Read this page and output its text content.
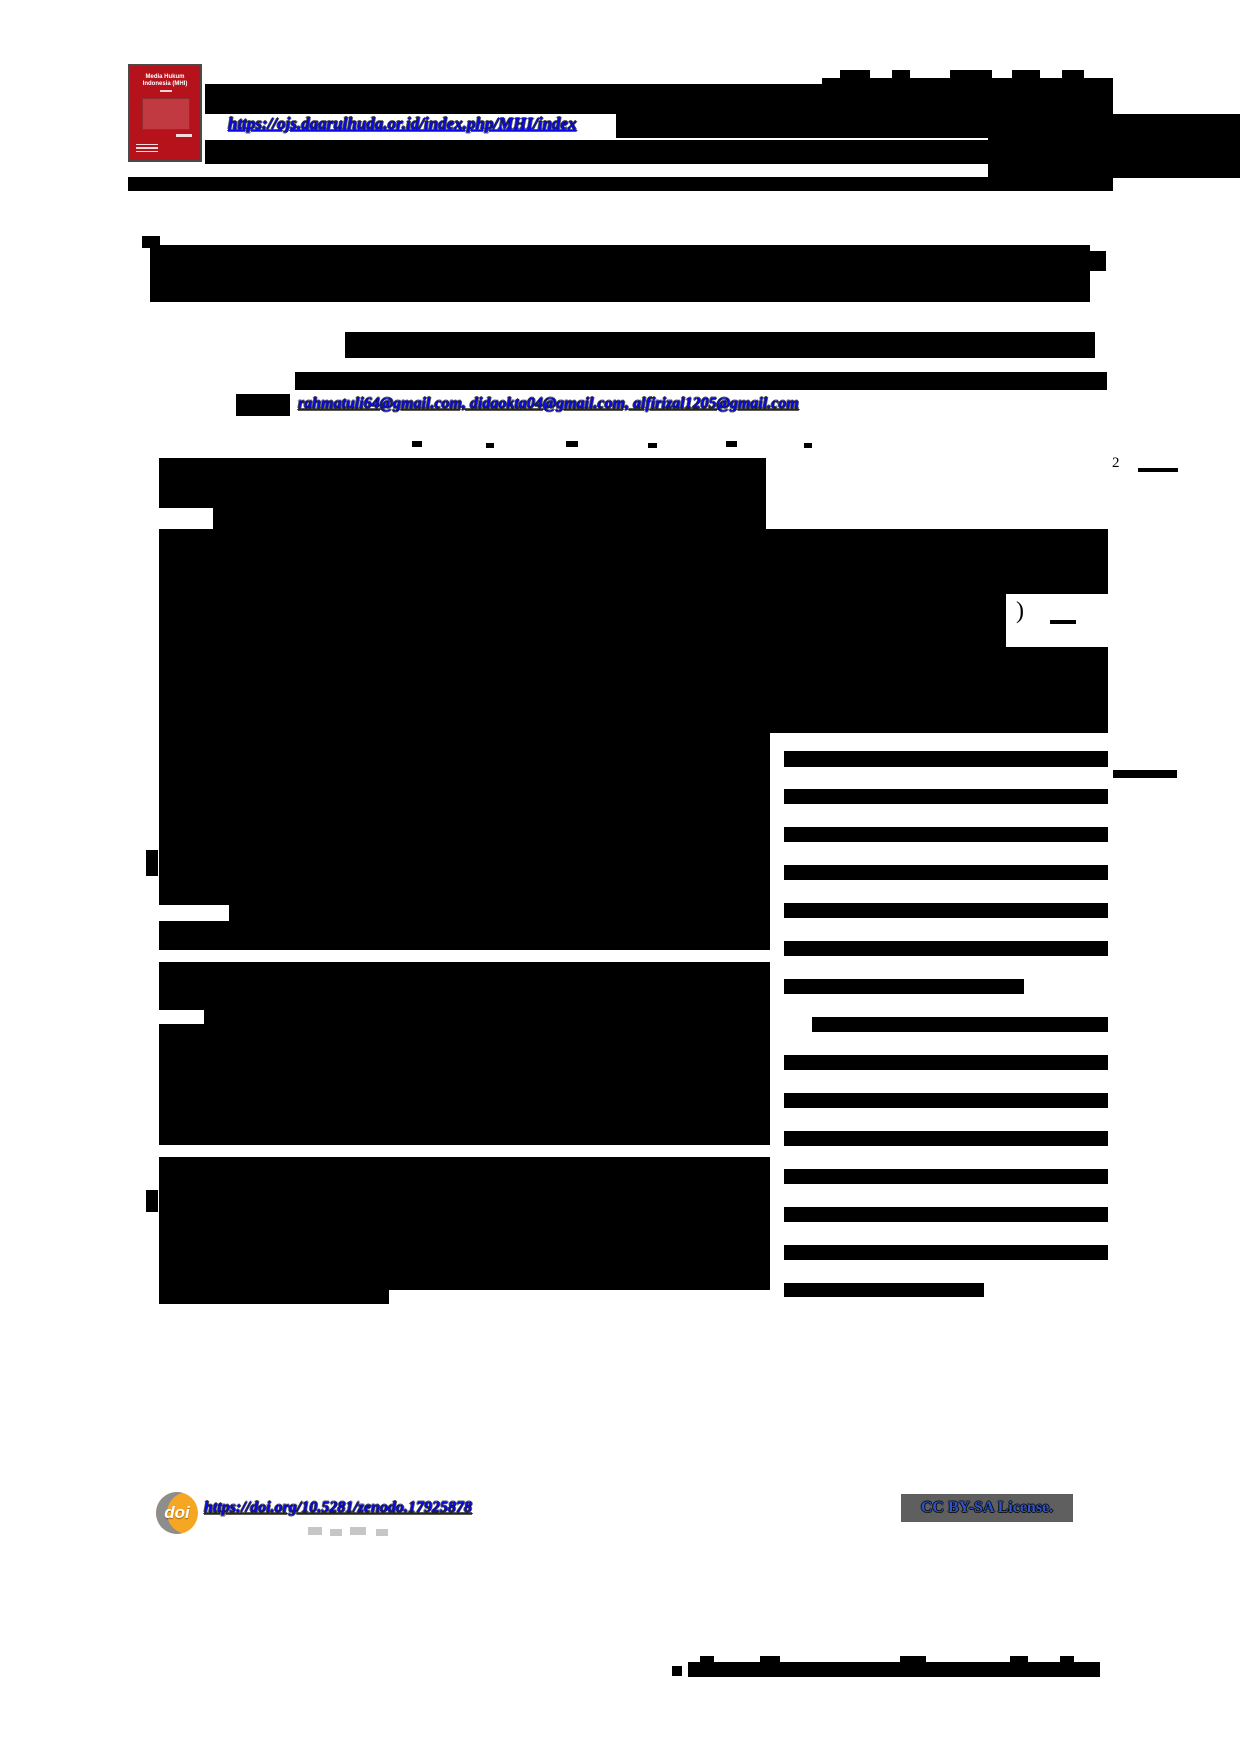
Media Hukum Indonesia (MHI)
https://ojs.daarulhuda.or.id/index.php/MHI/index
rahmatuli64@gmail.com, didaokta04@gmail.com, alfirizal1205@gmail.com
2
)
doi https://doi.org/10.5281/zenodo.17925878	CC BY-SA License.
